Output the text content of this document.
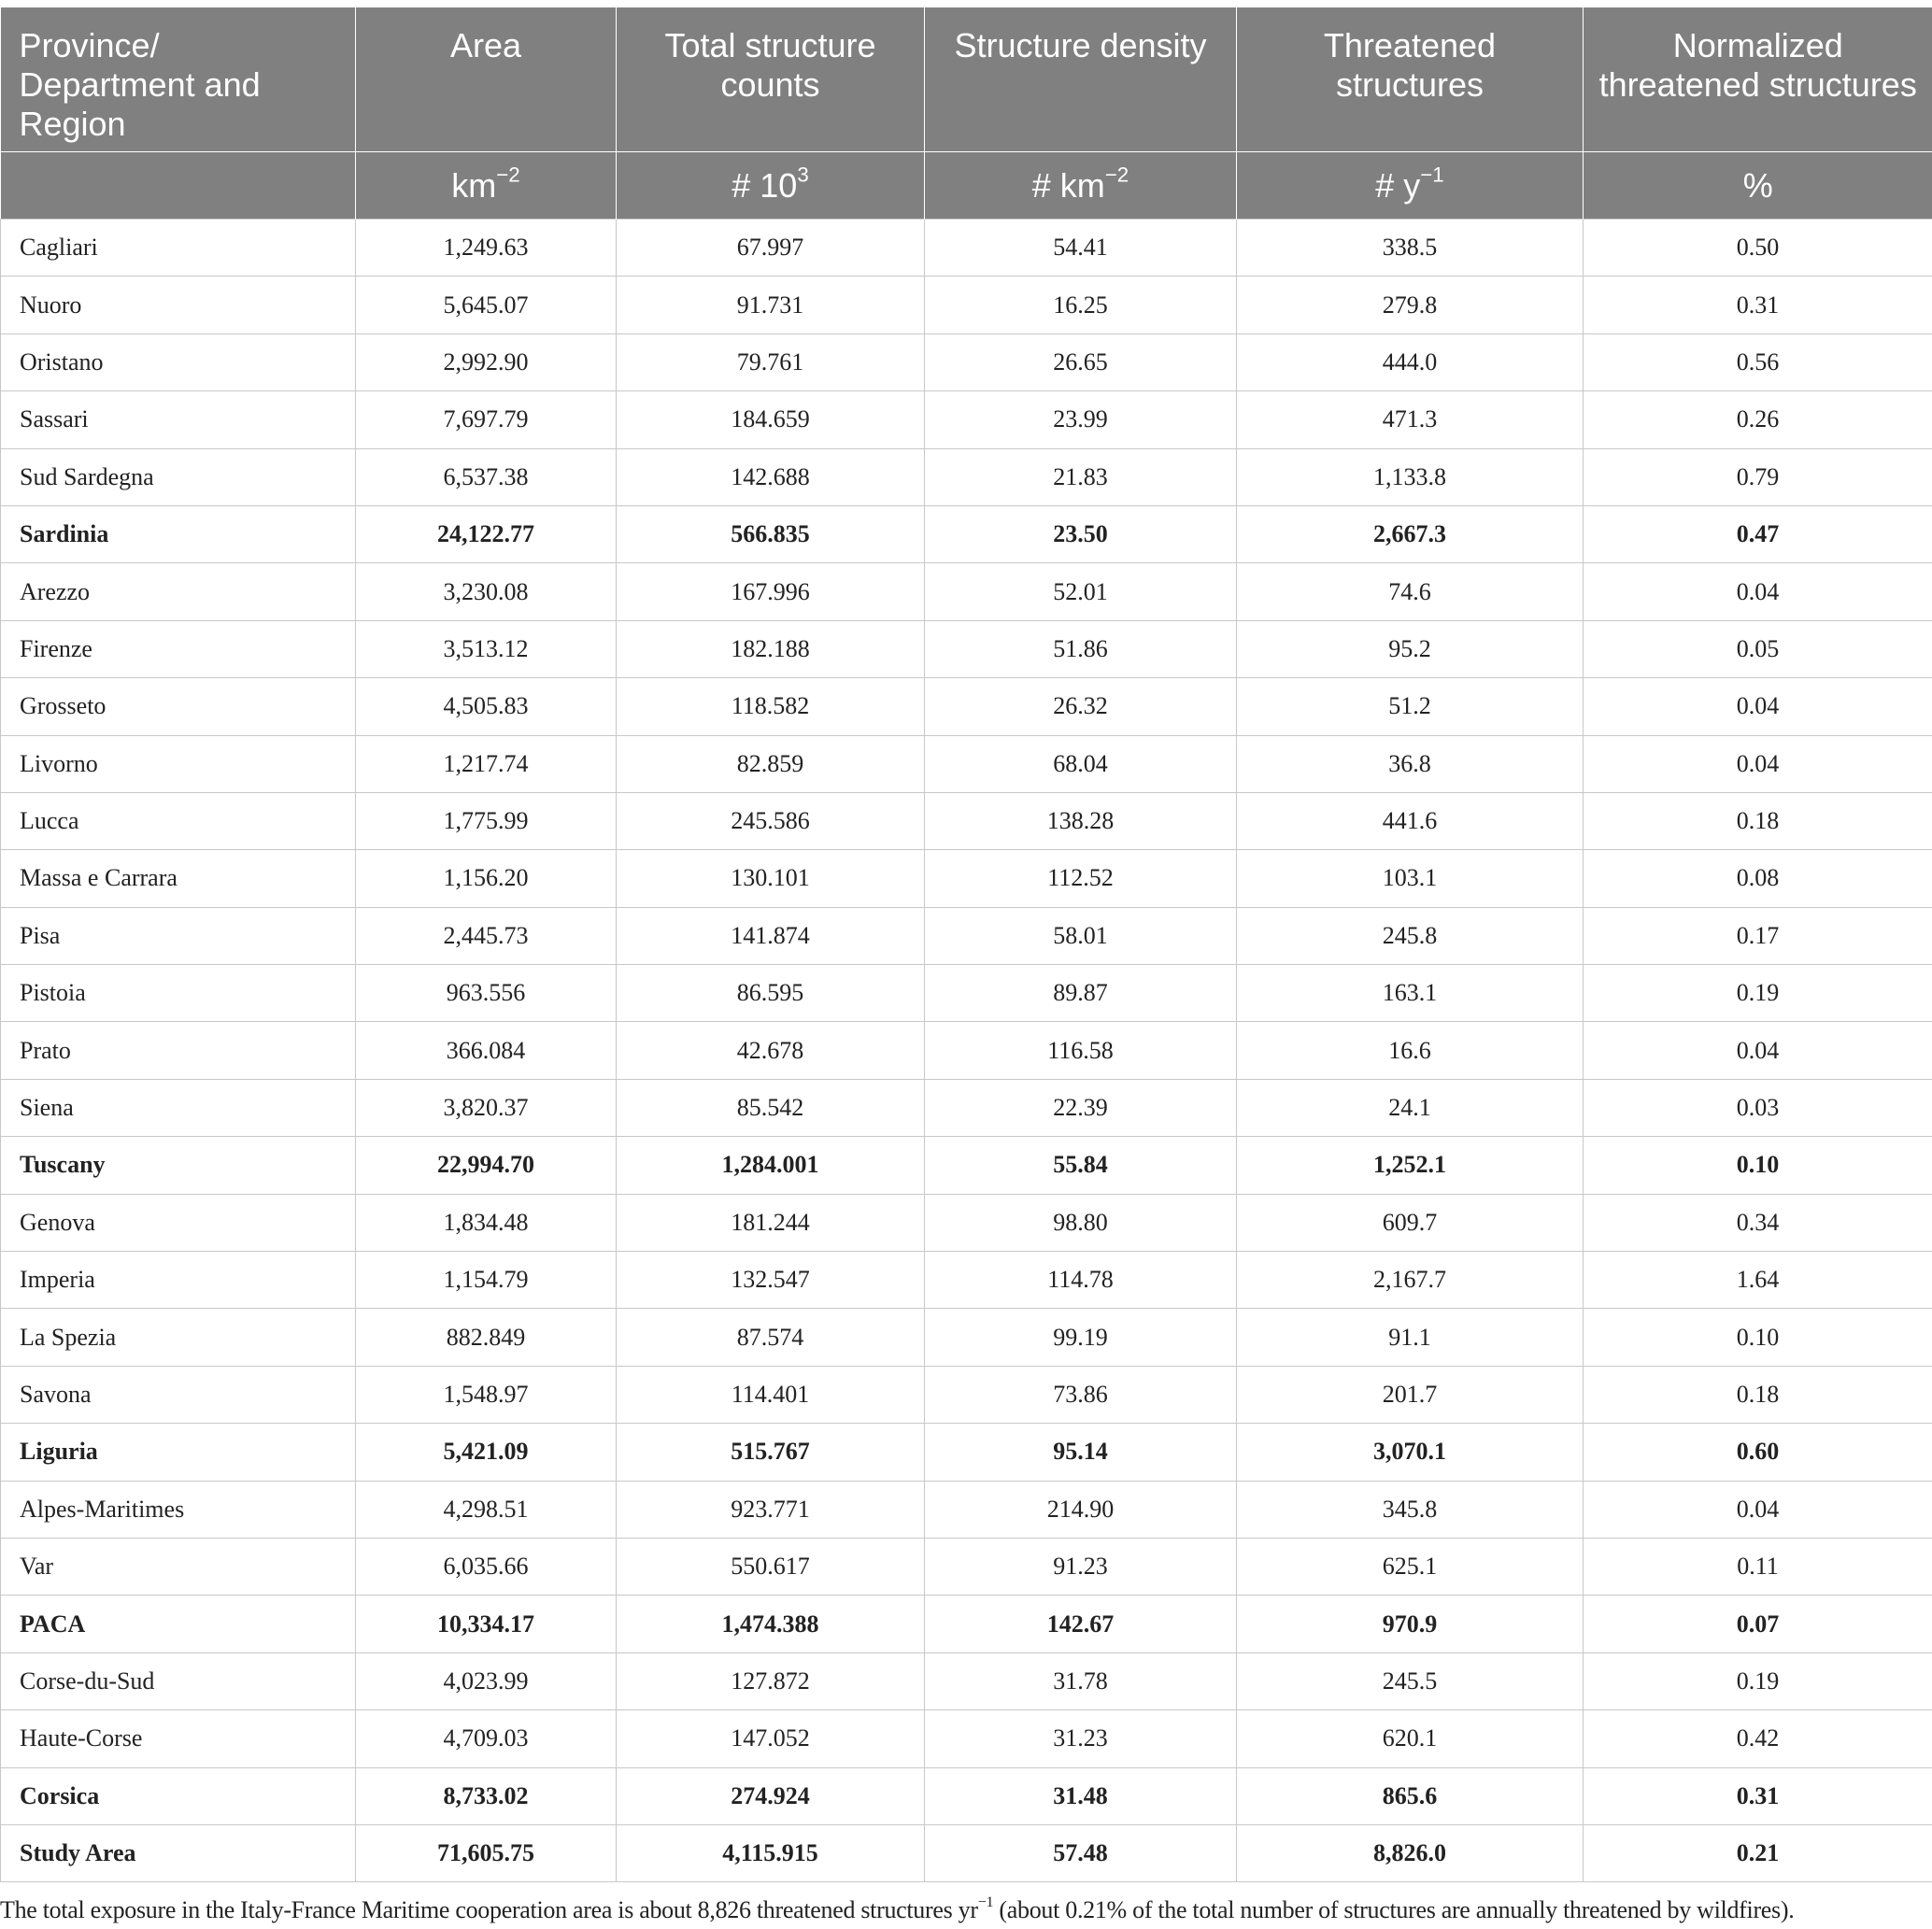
Province/ Department and Region	Area	Total structure counts	Structure density	Threatened structures	Normalized threatened structures
	$km^{-2}$	# $10^3$	# $km^{-2}$	# $y^{-1}$	%
Cagliari	1,249.63	67.997	54.41	338.5	0.50
Nuoro	5,645.07	91.731	16.25	279.8	0.31
Oristano	2,992.90	79.761	26.65	444.0	0.56
Sassari	7,697.79	184.659	23.99	471.3	0.26
Sud Sardegna	6,537.38	142.688	21.83	1,133.8	0.79
Sardinia	24,122.77	566.835	23.50	2,667.3	0.47
Arezzo	3,230.08	167.996	52.01	74.6	0.04
Firenze	3,513.12	182.188	51.86	95.2	0.05
Grosseto	4,505.83	118.582	26.32	51.2	0.04
Livorno	1,217.74	82.859	68.04	36.8	0.04
Lucca	1,775.99	245.586	138.28	441.6	0.18
Massa e Carrara	1,156.20	130.101	112.52	103.1	0.08
Pisa	2,445.73	141.874	58.01	245.8	0.17
Pistoia	963.556	86.595	89.87	163.1	0.19
Prato	366.084	42.678	116.58	16.6	0.04
Siena	3,820.37	85.542	22.39	24.1	0.03
Tuscany	22,994.70	1,284.001	55.84	1,252.1	0.10
Genova	1,834.48	181.244	98.80	609.7	0.34
Imperia	1,154.79	132.547	114.78	2,167.7	1.64
La Spezia	882.849	87.574	99.19	91.1	0.10
Savona	1,548.97	114.401	73.86	201.7	0.18
Liguria	5,421.09	515.767	95.14	3,070.1	0.60
Alpes-Maritimes	4,298.51	923.771	214.90	345.8	0.04
Var	6,035.66	550.617	91.23	625.1	0.11
PACA	10,334.17	1,474.388	142.67	970.9	0.07
Corse-du-Sud	4,023.99	127.872	31.78	245.5	0.19
Haute-Corse	4,709.03	147.052	31.23	620.1	0.42
Corsica	8,733.02	274.924	31.48	865.6	0.31
Study Area	71,605.75	4,115.915	57.48	8,826.0	0.21
The total exposure in the Italy-France Maritime cooperation area is about 8,826 threatened structures $yr^{-1}$ (about 0.21% of the total number of structures are annually threatened by wildfires).
